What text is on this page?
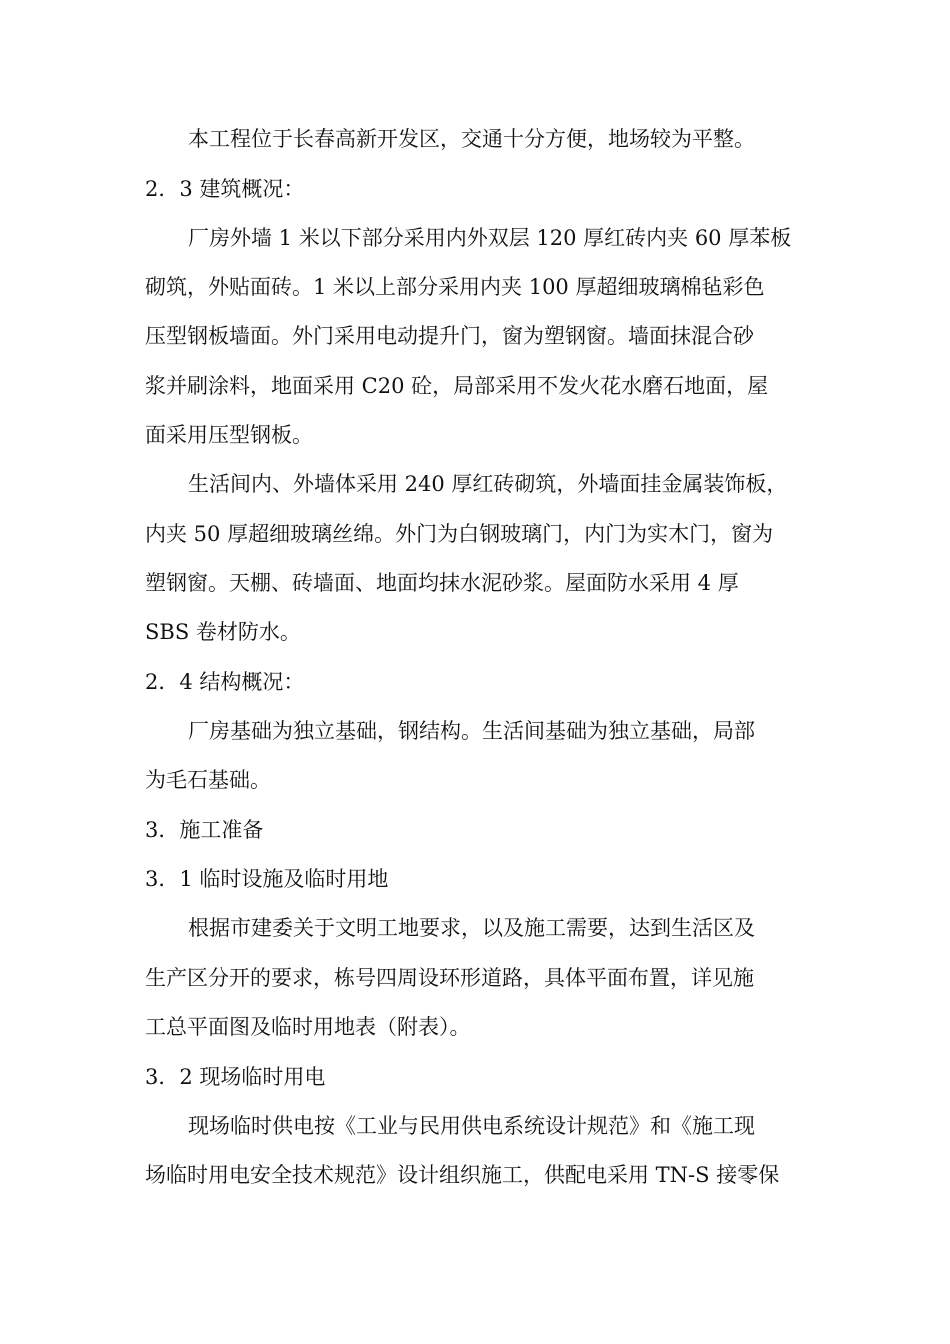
本工程位于长春高新开发区，交通十分方便，地场较为平整。
2．3 建筑概况：
厂房外墙 1 米以下部分采用内外双层 120 厚红砖内夹 60 厚苯板
砌筑，外贴面砖。1 米以上部分采用内夹 100 厚超细玻璃棉毡彩色
压型钢板墙面。外门采用电动提升门，窗为塑钢窗。墙面抹混合砂
浆并刷涂料，地面采用 C20 砼，局部采用不发火花水磨石地面，屋
面采用压型钢板。
生活间内、外墙体采用 240 厚红砖砌筑，外墙面挂金属装饰板，
内夹 50 厚超细玻璃丝绵。外门为白钢玻璃门，内门为实木门，窗为
塑钢窗。天棚、砖墙面、地面均抹水泥砂浆。屋面防水采用 4 厚
SBS 卷材防水。
2．4 结构概况：
厂房基础为独立基础，钢结构。生活间基础为独立基础，局部
为毛石基础。
3．施工准备
3．1 临时设施及临时用地
根据市建委关于文明工地要求，以及施工需要，达到生活区及
生产区分开的要求，栋号四周设环形道路，具体平面布置，详见施
工总平面图及临时用地表（附表）。
3．2 现场临时用电
现场临时供电按《工业与民用供电系统设计规范》和《施工现
场临时用电安全技术规范》设计组织施工，供配电采用 TN-S 接零保
